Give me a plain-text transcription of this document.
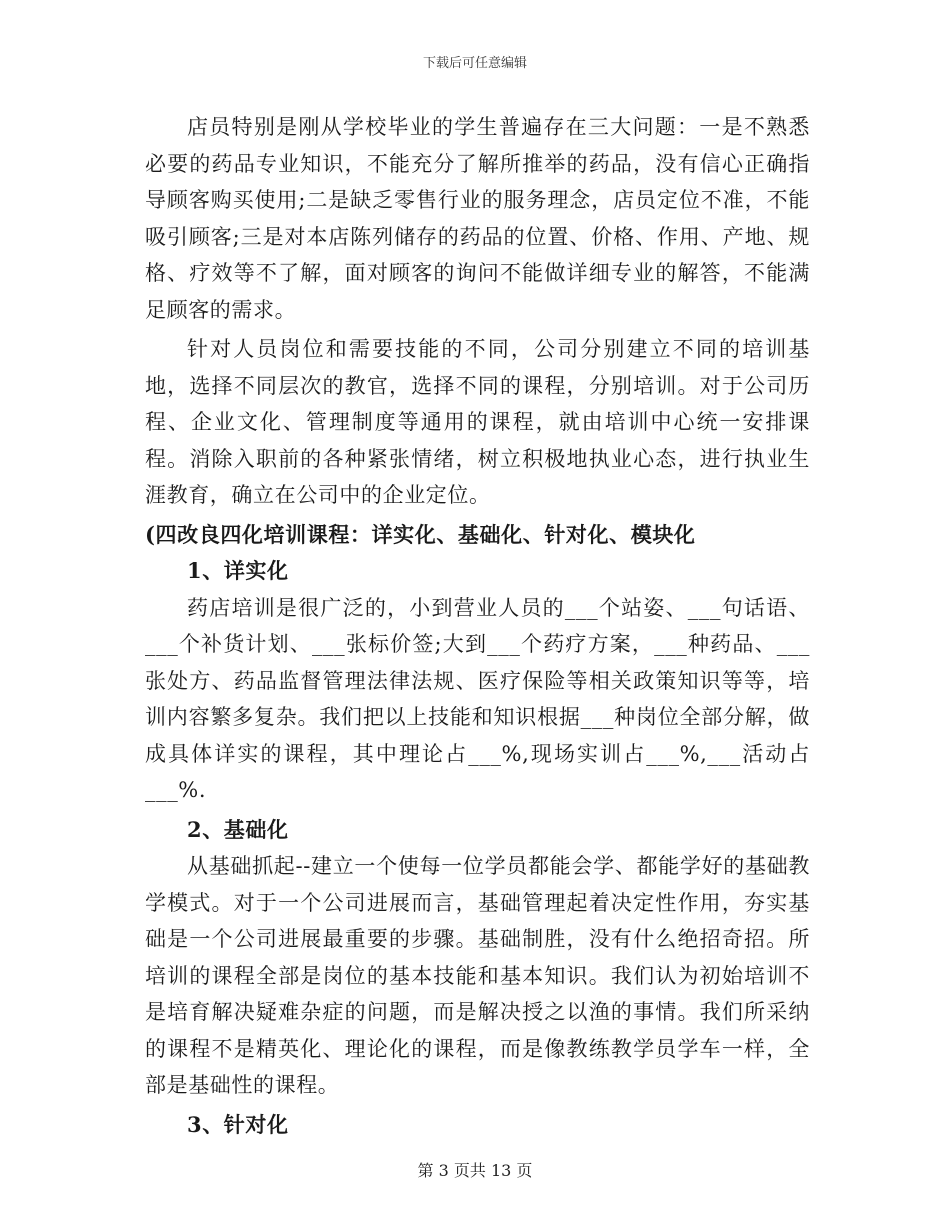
下载后可任意编辑

店员特别是刚从学校毕业的学生普遍存在三大问题：一是不熟悉必要的药品专业知识，不能充分了解所推举的药品，没有信心正确指导顾客购买使用;二是缺乏零售行业的服务理念，店员定位不准，不能吸引顾客;三是对本店陈列储存的药品的位置、价格、作用、产地、规格、疗效等不了解，面对顾客的询问不能做详细专业的解答，不能满足顾客的需求。

针对人员岗位和需要技能的不同，公司分别建立不同的培训基地，选择不同层次的教官，选择不同的课程，分别培训。对于公司历程、企业文化、管理制度等通用的课程，就由培训中心统一安排课程。消除入职前的各种紧张情绪，树立积极地执业心态，进行执业生涯教育，确立在公司中的企业定位。

(四改良四化培训课程：详实化、基础化、针对化、模块化

1、详实化

药店培训是很广泛的，小到营业人员的___个站姿、___句话语、___个补货计划、___张标价签;大到___个药疗方案，___种药品、___张处方、药品监督管理法律法规、医疗保险等相关政策知识等等，培训内容繁多复杂。我们把以上技能和知识根据___种岗位全部分解，做成具体详实的课程，其中理论占___%,现场实训占___%,___活动占___%.

2、基础化

从基础抓起--建立一个使每一位学员都能会学、都能学好的基础教学模式。对于一个公司进展而言，基础管理起着决定性作用，夯实基础是一个公司进展最重要的步骤。基础制胜，没有什么绝招奇招。所培训的课程全部是岗位的基本技能和基本知识。我们认为初始培训不是培育解决疑难杂症的问题，而是解决授之以渔的事情。我们所采纳的课程不是精英化、理论化的课程，而是像教练教学员学车一样，全部是基础性的课程。

3、针对化

第 3 页共 13 页
